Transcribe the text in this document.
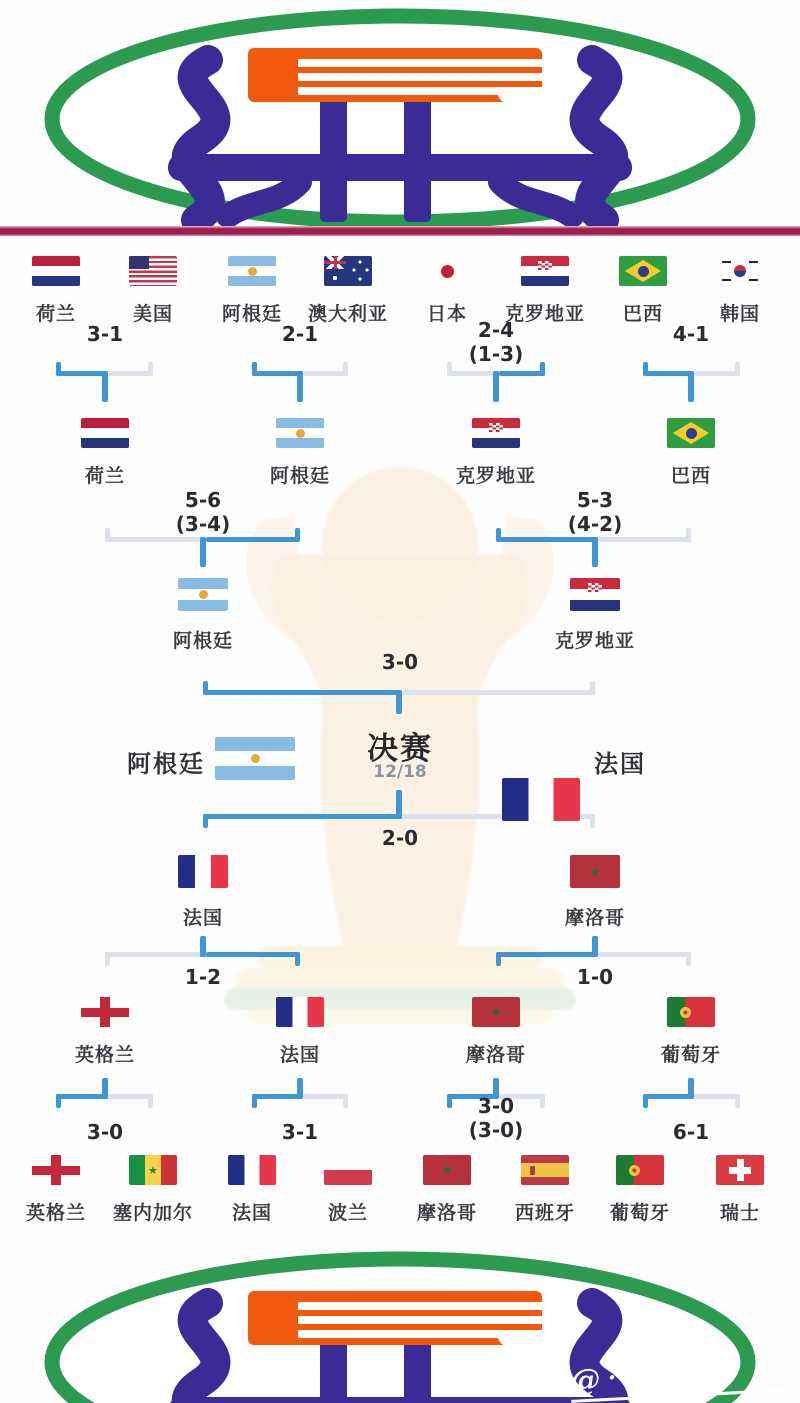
荷兰	美国	阿根廷 澳大利亚 日本 克罗地亚 巴西	韩国
3-1	2-1	2-4
(1-3)
4-1
荷兰	阿根廷	克罗地亚	巴西
5-6
(3-4)
5-3
(4-2)
阿根廷	克罗地亚
3-0
阿根廷	决赛
12/18	法国
2-0
法国
★	摩洛哥
1-2	1-0
英格兰	法国
★	摩洛哥	葡萄牙
3-0	3-1
3-0
(3-0)	6-1
英格兰
★ 塞内加尔 法国	波兰
★	摩洛哥 西班牙 葡萄牙	瑞士
@⋯⋯诸⋯
